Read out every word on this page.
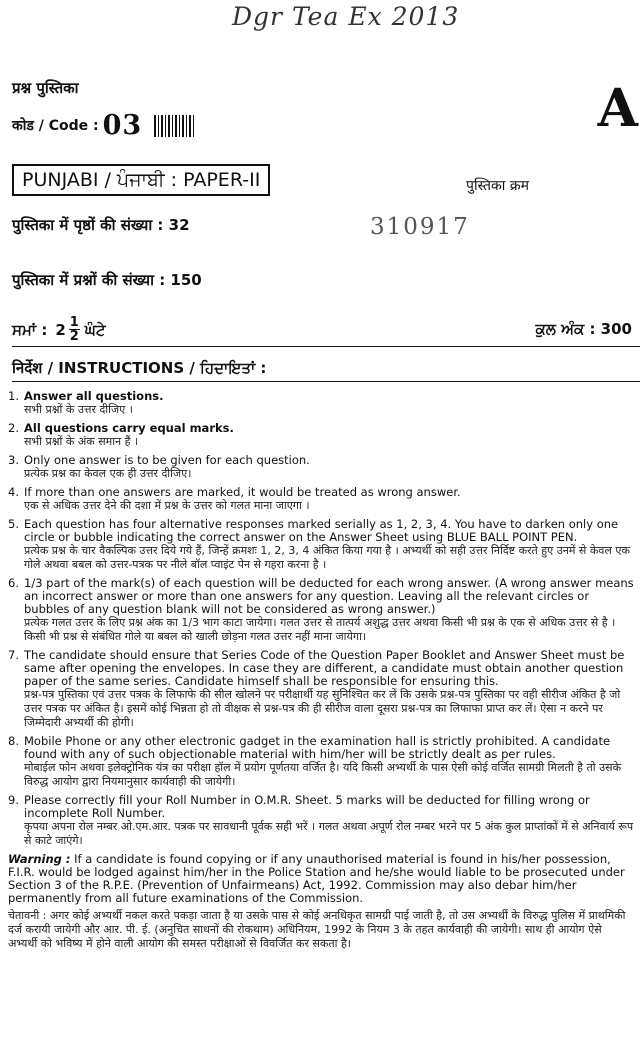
Dgr Tea Ex 2013
प्रश्न पुस्तिका
कोड / Code : 03	A
PUNJABI / ਪੰਜਾਬੀ : PAPER-II	पुस्तिका क्रम
310917
पुस्तिका में पृष्ठों की संख्या : 32
पुस्तिका में प्रश्नों की संख्या : 150
ਸਮਾਂ : $2 \frac{1}{2}$ ਘੰਟੇ	ਕੁਲ ਅੰਕ : 300
निर्देश / INSTRUCTIONS / ਹਿਦਾਇਤਾਂ :
1. Answer all questions.
सभी प्रश्नों के उत्तर दीजिए ।
2. All questions carry equal marks.
सभी प्रश्नों के अंक समान हैं ।
3. Only one answer is to be given for each question.
प्रत्येक प्रश्न का केवल एक ही उत्तर दीजिए।
4. If more than one answers are marked, it would be treated as wrong answer.
एक से अधिक उत्तर देने की दशा में प्रश्न के उत्तर को गलत माना जाएगा ।
5. Each question has four alternative responses marked serially as 1, 2, 3, 4. You have to darken only one circle or bubble indicating the correct answer on the Answer Sheet using BLUE BALL POINT PEN.
प्रत्येक प्रश्न के चार वैकल्पिक उत्तर दिये गये हैं, जिन्हें क्रमशः 1, 2, 3, 4 अंकित किया गया है । अभ्यर्थी को सही उत्तर निर्दिष्ट करते हुए उनमें से केवल एक गोले अथवा बबल को उत्तर-पत्रक पर नीले बॉल प्वाइंट पेन से गहरा करना है ।
6. 1/3 part of the mark(s) of each question will be deducted for each wrong answer. (A wrong answer means an incorrect answer or more than one answers for any question. Leaving all the relevant circles or bubbles of any question blank will not be considered as wrong answer.)
प्रत्येक गलत उत्तर के लिए प्रश्न अंक का 1/3 भाग काटा जायेगा। गलत उत्तर से तात्पर्य अशुद्ध उत्तर अथवा किसी भी प्रश्न के एक से अधिक उत्तर से है । किसी भी प्रश्न से संबंधित गोले या बबल को खाली छोड़ना गलत उत्तर नहीं माना जायेगा।
7. The candidate should ensure that Series Code of the Question Paper Booklet and Answer Sheet must be same after opening the envelopes. In case they are different, a candidate must obtain another question paper of the same series. Candidate himself shall be responsible for ensuring this.
प्रश्न-पत्र पुस्तिका एवं उत्तर पत्रक के लिफाफे की सील खोलने पर परीक्षार्थी यह सुनिश्चित कर लें कि उसके प्रश्न-पत्र पुस्तिका पर वही सीरीज अंकित है जो उत्तर पत्रक पर अंकित है। इसमें कोई भिन्नता हो तो वीक्षक से प्रश्न-पत्र की ही सीरीज वाला दूसरा प्रश्न-पत्र का लिफाफा प्राप्त कर लें। ऐसा न करने पर जिम्मेदारी अभ्यर्थी की होगी।
8. Mobile Phone or any other electronic gadget in the examination hall is strictly prohibited. A candidate found with any of such objectionable material with him/her will be strictly dealt as per rules.
मोबाईल फोन अथवा इलेक्ट्रोनिक यंत्र का परीक्षा हॉल में प्रयोग पूर्णतया वर्जित है। यदि किसी अभ्यर्थी के पास ऐसी कोई वर्जित सामग्री मिलती है तो उसके विरुद्ध आयोग द्वारा नियमानुसार कार्यवाही की जायेगी।
9. Please correctly fill your Roll Number in O.M.R. Sheet. 5 marks will be deducted for filling wrong or incomplete Roll Number.
कृपया अपना रोल नम्बर ओ.एम.आर. पत्रक पर सावधानी पूर्वक सही भरें । गलत अथवा अपूर्ण रोल नम्बर भरने पर 5 अंक कुल प्राप्तांकों में से अनिवार्य रूप से काटे जाएंगे।
Warning : If a candidate is found copying or if any unauthorised material is found in his/her possession, F.I.R. would be lodged against him/her in the Police Station and he/she would liable to be prosecuted under Section 3 of the R.P.E. (Prevention of Unfairmeans) Act, 1992. Commission may also debar him/her permanently from all future examinations of the Commission.
चेतावनी : अगर कोई अभ्यर्थी नकल करते पकड़ा जाता है या उसके पास से कोई अनधिकृत सामग्री पाई जाती है, तो उस अभ्यर्थी के विरुद्ध पुलिस में प्राथमिकी दर्ज करायी जायेगी और आर. पी. ई. (अनुचित साधनों की रोकथाम) अधिनियम, 1992 के नियम 3 के तहत कार्यवाही की जायेगी। साथ ही आयोग ऐसे अभ्यर्थी को भविष्य में होने वाली आयोग की समस्त परीक्षाओं से विवर्जित कर सकता है।
